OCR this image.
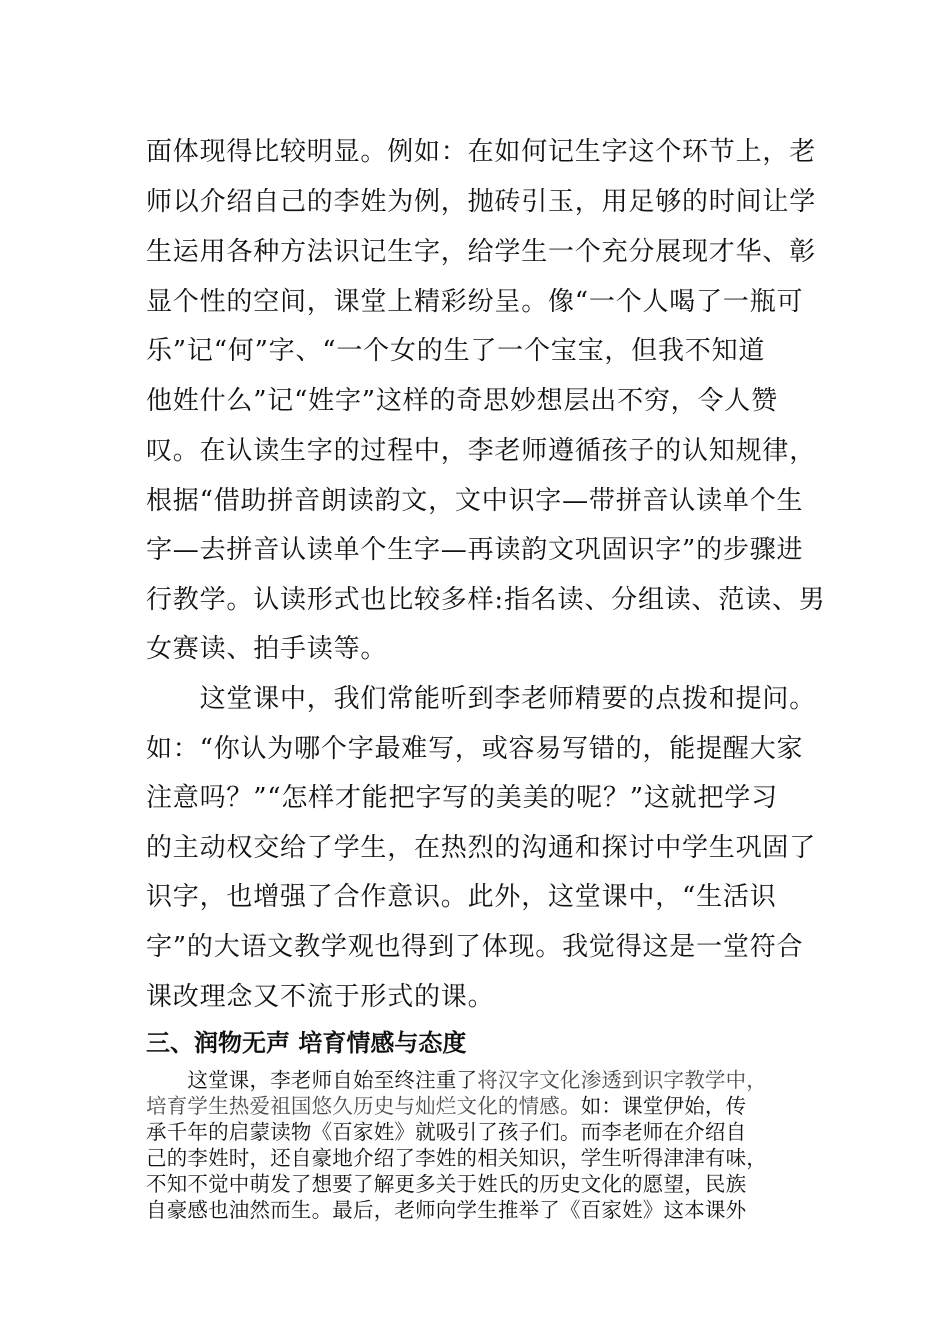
面体现得比较明显。例如：在如何记生字这个环节上，老
师以介绍自己的李姓为例，抛砖引玉，用足够的时间让学
生运用各种方法识记生字，给学生一个充分展现才华、彰
显个性的空间，课堂上精彩纷呈。像“一个人喝了一瓶可
乐”记“何”字、“一个女的生了一个宝宝，但我不知道
他姓什么”记“姓字”这样的奇思妙想层出不穷，令人赞
叹。在认读生字的过程中，李老师遵循孩子的认知规律，
根据“借助拼音朗读韵文，文中识字—带拼音认读单个生
字—去拼音认读单个生字—再读韵文巩固识字”的步骤进
行教学。认读形式也比较多样:指名读、分组读、范读、男
女赛读、拍手读等。
　　这堂课中，我们常能听到李老师精要的点拨和提问。
如：“你认为哪个字最难写，或容易写错的，能提醒大家
注意吗？”“怎样才能把字写的美美的呢？”这就把学习
的主动权交给了学生，在热烈的沟通和探讨中学生巩固了
识字，也增强了合作意识。此外，这堂课中，“生活识
字”的大语文教学观也得到了体现。我觉得这是一堂符合
课改理念又不流于形式的课。
三、润物无声 培育情感与态度
　　这堂课，李老师自始至终注重了将汉字文化渗透到识字教学中，
培育学生热爱祖国悠久历史与灿烂文化的情感。如：课堂伊始，传
承千年的启蒙读物《百家姓》就吸引了孩子们。而李老师在介绍自
己的李姓时，还自豪地介绍了李姓的相关知识，学生听得津津有味，
不知不觉中萌发了想要了解更多关于姓氏的历史文化的愿望，民族
自豪感也油然而生。最后，老师向学生推举了《百家姓》这本课外
